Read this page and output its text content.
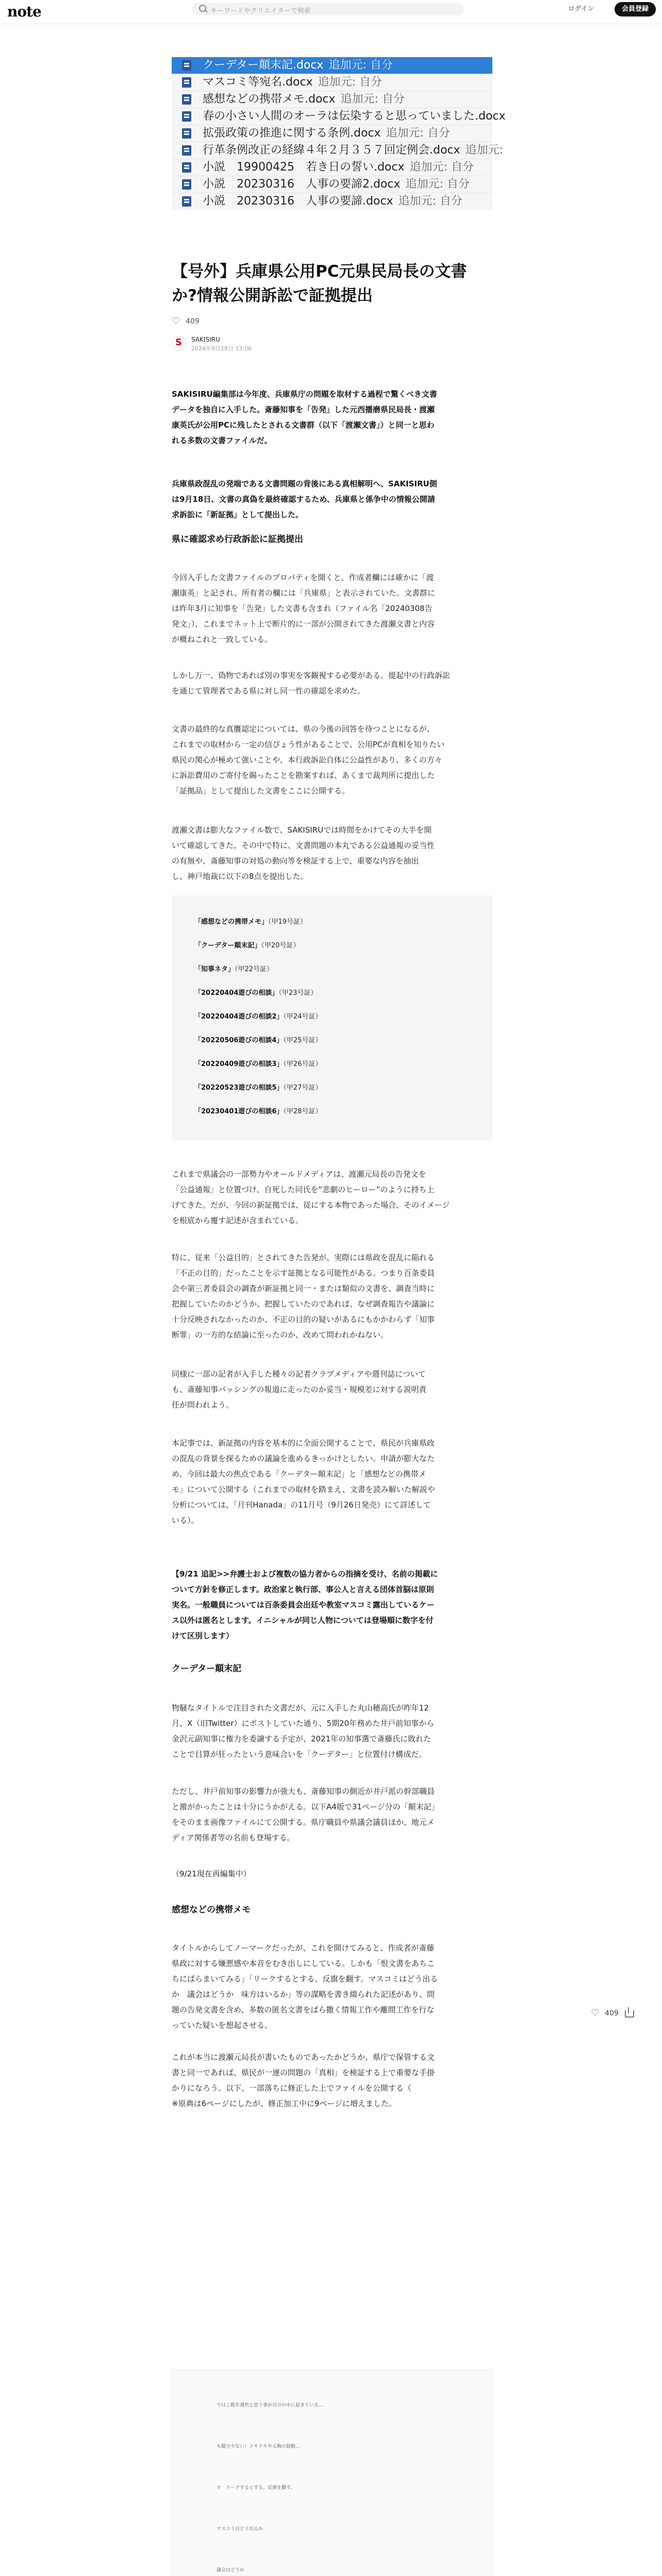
note	キーワードやクリエイターで検索	ログイン	会員登録
クーデター顛末記.docx 追加元: 自分
マスコミ等宛名.docx 追加元: 自分
感想などの携帯メモ.docx 追加元: 自分
春の小さい人間のオーラは伝染すると思っていました.docx
拡張政策の推進に関する条例.docx 追加元: 自分
行革条例改正の経緯４年２月３５７回定例会.docx 追加元:
小説　19900425　若き日の誓い.docx 追加元: 自分
小説　20230316　人事の要諦2.docx 追加元: 自分
小説　20230316　人事の要諦.docx 追加元: 自分
【号外】兵庫県公用PC元県民局長の文書
か?情報公開訴訟で証拠提出
♡409
S SAKISIRU
2024年9月18日 13:06
SAKISIRU編集部は今年度、兵庫県庁の問題を取材する過程で驚くべき文書
データを独自に入手した。斎藤知事を「告発」した元西播磨県民局長・渡瀬
康英氏が公用PCに残したとされる文書群（以下「渡瀬文書」）と同一と思わ
れる多数の文書ファイルだ。
兵庫県政混乱の発端である文書問題の背後にある真相解明へ、SAKISIRU側
は9月18日、文書の真偽を最終確認するため、兵庫県と係争中の情報公開請
求訴訟に「新証拠」として提出した。
県に確認求め行政訴訟に証拠提出
今回入手した文書ファイルのプロパティを開くと、作成者欄には確かに「渡
瀬康英」と記され、所有者の欄には「兵庫県」と表示されていた。文書群に
は昨年3月に知事を「告発」した文書も含まれ（ファイル名「20240308告
発文」）、これまでネット上で断片的に一部が公開されてきた渡瀬文書と内容
が概ねこれと一致している。
しかし万一、偽物であれば別の事実を客観視する必要がある。提起中の行政訴訟
を通じて管理者である県に対し同一性の確認を求めた。
文書の最終的な真贋認定については、県の今後の回答を待つことになるが、
これまでの取材から一定の信ぴょう性があることで、公用PCが真相を知りたい
県民の関心が極めて強いことや、本行政訴訟自体に公益性があり、多くの方々
に訴訟費用のご寄付を賜ったことを勘案すれば、あくまで裁判所に提出した
「証拠品」として提出した文書をここに公開する。
渡瀬文書は膨大なファイル数で、SAKISIRUでは時間をかけてその大半を開
いて確認してきた。その中で特に、文書問題の本丸である公益通報の妥当性
の有無や、斎藤知事の対処の動向等を検証する上で、重要な内容を抽出
し、神戸地裁に以下の8点を提出した。
「感想などの携帯メモ」（甲19号証）
「クーデター顛末記」（甲20号証）
「知事ネタ」（甲22号証）
「20220404遊びの相談」（甲23号証）
「20220404遊びの相談2」（甲24号証）
「20220506遊びの相談4」（甲25号証）
「20220409遊びの相談3」（甲26号証）
「20220523遊びの相談5」（甲27号証）
「20230401遊びの相談6」（甲28号証）
これまで県議会の一部勢力やオールドメディアは、渡瀬元局長の告発文を
「公益通報」と位置づけ、自死した同氏を“悲劇のヒーロー”のように持ち上
げてきた。だが、今回の新証拠では、従にする本物であった場合、そのイメージ
を根底から覆す記述が含まれている。
特に、従来「公益目的」とされてきた告発が、実際には県政を混乱に陥れる
「不正の目的」だったことを示す証拠となる可能性がある。つまり百条委員
会や第三者委員会の調査が新証拠と同一・または類似の文書を、調査当時に
把握していたのかどうか、把握していたのであれば、なぜ調査報告や議論に
十分反映されなかったのか、不正の目的の疑いがあるにもかかわらず「知事
断罪」の一方的な結論に至ったのか、改めて問われかねない。
同様に一部の記者が入手した種々の記者クラブメディアや週刊誌について
も、斎藤知事バッシングの報道に走ったのか妥当・規模差に対する説明責
任が問われよう。
本記事では、新証拠の内容を基本的に全面公開することで、県民が兵庫県政
の混乱の背景を探るための議論を進めるきっかけとしたい。申請が膨大なた
め、今回は最大の焦点である「クーデター顛末記」と「感想などの携帯メ
モ」について公開する（これまでの取材を踏まえ、文書を読み解いた解説や
分析については、「月刊Hanada」の11月号（9月26日発売）にて詳述して
いる）。
【9/21 追記>>弁護士および複数の協力者からの指摘を受け、名前の掲載に
ついて方針を修正します。政治家と執行部、事公人と言える団体首脳は原則
実名。一般職員については百条委員会出廷や教室マスコミ露出しているケー
ス以外は匿名とします。イニシャルが同じ人物については登場順に数字を付
けて区別します）
クーデター顛末記
物騒なタイトルで注目された文書だが、元に入手した丸山穂高氏が昨年12
月、X（旧Twitter）にポストしていた通り、5期20年務めた井戸前知事から
金沢元副知事に権力を委譲する予定が、2021年の知事選で斎藤氏に敗れた
ことで目算が狂ったという意味合いを「クーデター」と位置付け構成だ。
ただし、井戸前知事の影響力が強大も、斎藤知事の側近が井戸派の幹部職員
と激がかったことは十分にうかがえる。以下A4版で31ページ分の「顛末記」
をそのまま画像ファイルにて公開する。県庁職員や県議会議員ほか、地元メ
ディア関係者等の名前も登場する。
（9/21現在再編集中）
感想などの携帯メモ
タイトルからしてノーマークだったが、これを開けてみると、作成者が斎藤
県政に対する嫌悪感や本音をむき出しにしている。しかも「恨文書をあちこ
ちにばらまいてみる」「リークするとする。反旗を翻す。マスコミはどう出る
か　議会はどうか　味方はいるか」等の謀略を書き綴られた記述があり、問
題の告発文書を含め、多数の匿名文書をばら撒く情報工作や離間工作を行な
っていた疑いを想起させる。
これが本当に渡瀬元局長が書いたものであったかどうか、県庁で保管する文
書と同一であれば、県民が一連の問題の「真相」を検証する上で重要な手掛
かりになろう。以下、一部落ちに修正した上でファイルを公開する（
※原典は6ページにしたが、修正加工中に9ページに増えました。
♡409
ではこ数年漫然と思う事が自分の中に起きている...
も随分少ない！ドキドキやる胸の鼓動...
ロ　リークするとする。反旗を翻す。
マスコミはどう出るか
議会はどうか
